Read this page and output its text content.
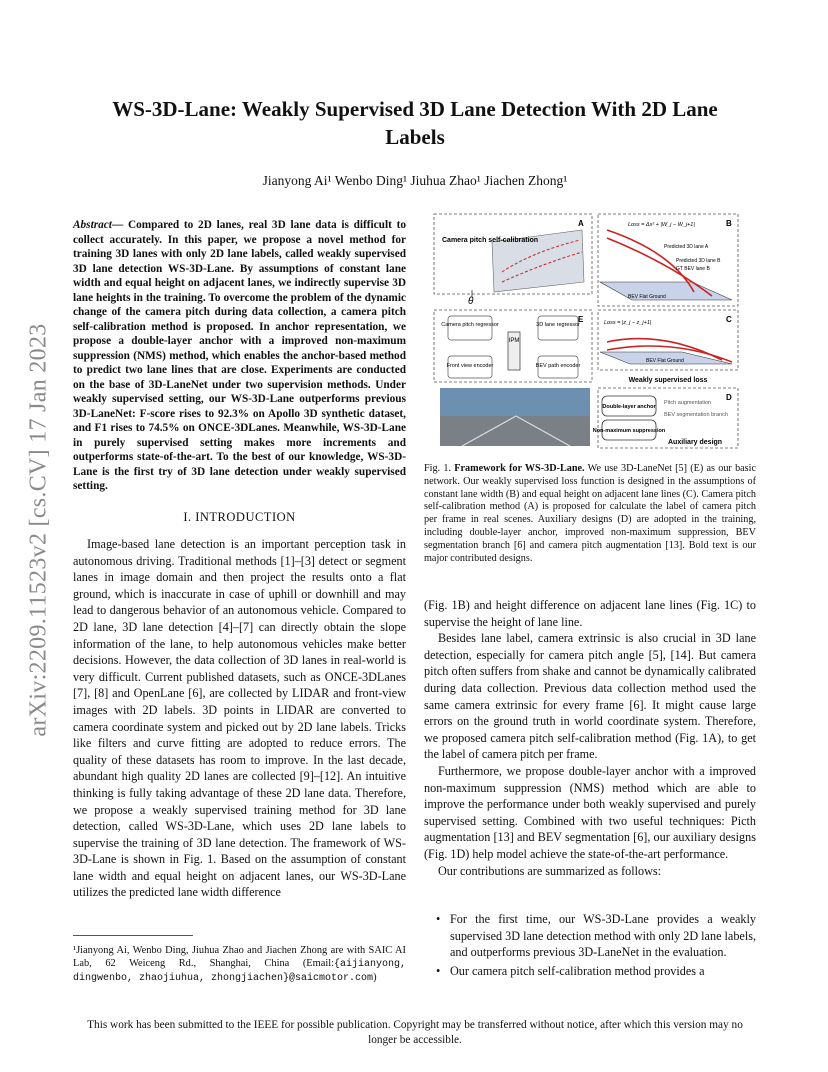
arXiv:2209.11523v2 [cs.CV] 17 Jan 2023
WS-3D-Lane: Weakly Supervised 3D Lane Detection With 2D Lane Labels
Jianyong Ai¹ Wenbo Ding¹ Jiuhua Zhao¹ Jiachen Zhong¹
Abstract— Compared to 2D lanes, real 3D lane data is difficult to collect accurately. In this paper, we propose a novel method for training 3D lanes with only 2D lane labels, called weakly supervised 3D lane detection WS-3D-Lane. By assumptions of constant lane width and equal height on adjacent lanes, we indirectly supervise 3D lane heights in the training. To overcome the problem of the dynamic change of the camera pitch during data collection, a camera pitch self-calibration method is proposed. In anchor representation, we propose a double-layer anchor with a improved non-maximum suppression (NMS) method, which enables the anchor-based method to predict two lane lines that are close. Experiments are conducted on the base of 3D-LaneNet under two supervision methods. Under weakly supervised setting, our WS-3D-Lane outperforms previous 3D-LaneNet: F-score rises to 92.3% on Apollo 3D synthetic dataset, and F1 rises to 74.5% on ONCE-3DLanes. Meanwhile, WS-3D-Lane in purely supervised setting makes more increments and outperforms state-of-the-art. To the best of our knowledge, WS-3D-Lane is the first try of 3D lane detection under weakly supervised setting.
I. INTRODUCTION

Image-based lane detection is an important perception task in autonomous driving. Traditional methods [1]–[3] detect or segment lanes in image domain and then project the results onto a flat ground, which is inaccurate in case of uphill or downhill and may lead to dangerous behavior of an autonomous vehicle. Compared to 2D lane, 3D lane detection [4]–[7] can directly obtain the slope information of the lane, to help autonomous vehicles make better decisions. However, the data collection of 3D lanes in real-world is very difficult. Current published datasets, such as ONCE-3DLanes [7], [8] and OpenLane [6], are collected by LIDAR and front-view images with 2D labels. 3D points in LIDAR are converted to camera coordinate system and picked out by 2D lane labels. Tricks like filters and curve fitting are adopted to reduce errors. The quality of these datasets has room to improve. In the last decade, abundant high quality 2D lanes are collected [9]–[12]. An intuitive thinking is fully taking advantage of these 2D lane data. Therefore, we propose a weakly supervised training method for 3D lane detection, called WS-3D-Lane, which uses 2D lane labels to supervise the training of 3D lane detection. The framework of WS-3D-Lane is shown in Fig. 1. Based on the assumption of constant lane width and equal height on adjacent lanes, our WS-3D-Lane utilizes the predicted lane width difference

¹Jianyong Ai, Wenbo Ding, Jiuhua Zhao and Jiachen Zhong are with SAIC AI Lab, 62 Weiceng Rd., Shanghai, China (Email:{aijianyong, dingwenbo, zhaojiuhua, zhongjiachen}@saicmotor.com)
A
Camera pitch self-calibration
B
Loss = Δx² + |W_j − W_j+1|
Predicted 3D lane A
Predicted 3D lane B
GT BEV lane B
BEV Flat Ground
C
Loss = |z_j − z_j+1|
BEV Flat Ground
Weakly supervised loss
E
θ
Camera pitch regressor	3D lane regressor
Front view encoder	BEV path encoder
IPM
D
Double-layer anchor
Non-maximum suppression
Pitch augmentation
BEV segmentation branch
Auxiliary design
Fig. 1. Framework for WS-3D-Lane. We use 3D-LaneNet [5] (E) as our basic network. Our weakly supervised loss function is designed in the assumptions of constant lane width (B) and equal height on adjacent lane lines (C). Camera pitch self-calibration method (A) is proposed for calculate the label of camera pitch per frame in real scenes. Auxiliary designs (D) are adopted in the training, including double-layer anchor, improved non-maximum suppression, BEV segmentation branch [6] and camera pitch augmentation [13]. Bold text is our major contributed designs.

(Fig. 1B) and height difference on adjacent lane lines (Fig. 1C) to supervise the height of lane line.

Besides lane label, camera extrinsic is also crucial in 3D lane detection, especially for camera pitch angle [5], [14]. But camera pitch often suffers from shake and cannot be dynamically calibrated during data collection. Previous data collection method used the same camera extrinsic for every frame [6]. It might cause large errors on the ground truth in world coordinate system. Therefore, we proposed camera pitch self-calibration method (Fig. 1A), to get the label of camera pitch per frame.

Furthermore, we propose double-layer anchor with a improved non-maximum suppression (NMS) method which are able to improve the performance under both weakly supervised and purely supervised setting. Combined with two useful techniques: Picth augmentation [13] and BEV segmentation [6], our auxiliary designs (Fig. 1D) help model achieve the state-of-the-art performance.

Our contributions are summarized as follows:

• For the first time, our WS-3D-Lane provides a weakly supervised 3D lane detection method with only 2D lane labels, and outperforms previous 3D-LaneNet in the evaluation.
• Our camera pitch self-calibration method provides a
This work has been submitted to the IEEE for possible publication. Copyright may be transferred without notice, after which this version may no longer be accessible.
